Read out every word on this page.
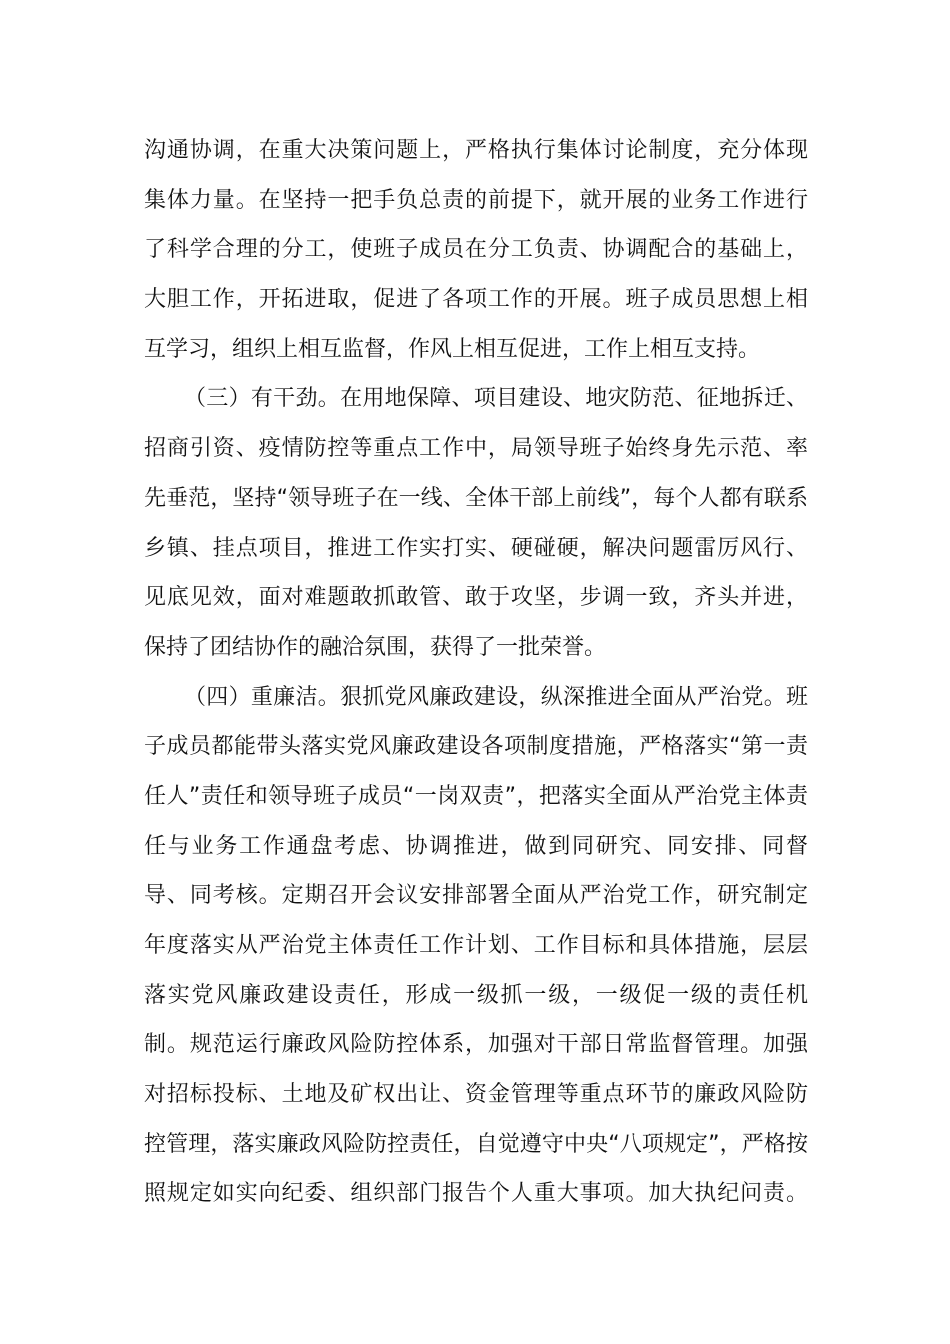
沟通协调，在重大决策问题上，严格执行集体讨论制度，充分体现
集体力量。在坚持一把手负总责的前提下，就开展的业务工作进行
了科学合理的分工，使班子成员在分工负责、协调配合的基础上，
大胆工作，开拓进取，促进了各项工作的开展。班子成员思想上相
互学习，组织上相互监督，作风上相互促进，工作上相互支持。
（三）有干劲。在用地保障、项目建设、地灾防范、征地拆迁、
招商引资、疫情防控等重点工作中，局领导班子始终身先示范、率
先垂范，坚持“领导班子在一线、全体干部上前线”，每个人都有联系
乡镇、挂点项目，推进工作实打实、硬碰硬，解决问题雷厉风行、
见底见效，面对难题敢抓敢管、敢于攻坚，步调一致，齐头并进，
保持了团结协作的融洽氛围，获得了一批荣誉。
（四）重廉洁。狠抓党风廉政建设，纵深推进全面从严治党。班
子成员都能带头落实党风廉政建设各项制度措施，严格落实“第一责
任人”责任和领导班子成员“一岗双责”，把落实全面从严治党主体责
任与业务工作通盘考虑、协调推进，做到同研究、同安排、同督
导、同考核。定期召开会议安排部署全面从严治党工作，研究制定
年度落实从严治党主体责任工作计划、工作目标和具体措施，层层
落实党风廉政建设责任，形成一级抓一级，一级促一级的责任机
制。规范运行廉政风险防控体系，加强对干部日常监督管理。加强
对招标投标、土地及矿权出让、资金管理等重点环节的廉政风险防
控管理，落实廉政风险防控责任，自觉遵守中央“八项规定”，严格按
照规定如实向纪委、组织部门报告个人重大事项。加大执纪问责。
